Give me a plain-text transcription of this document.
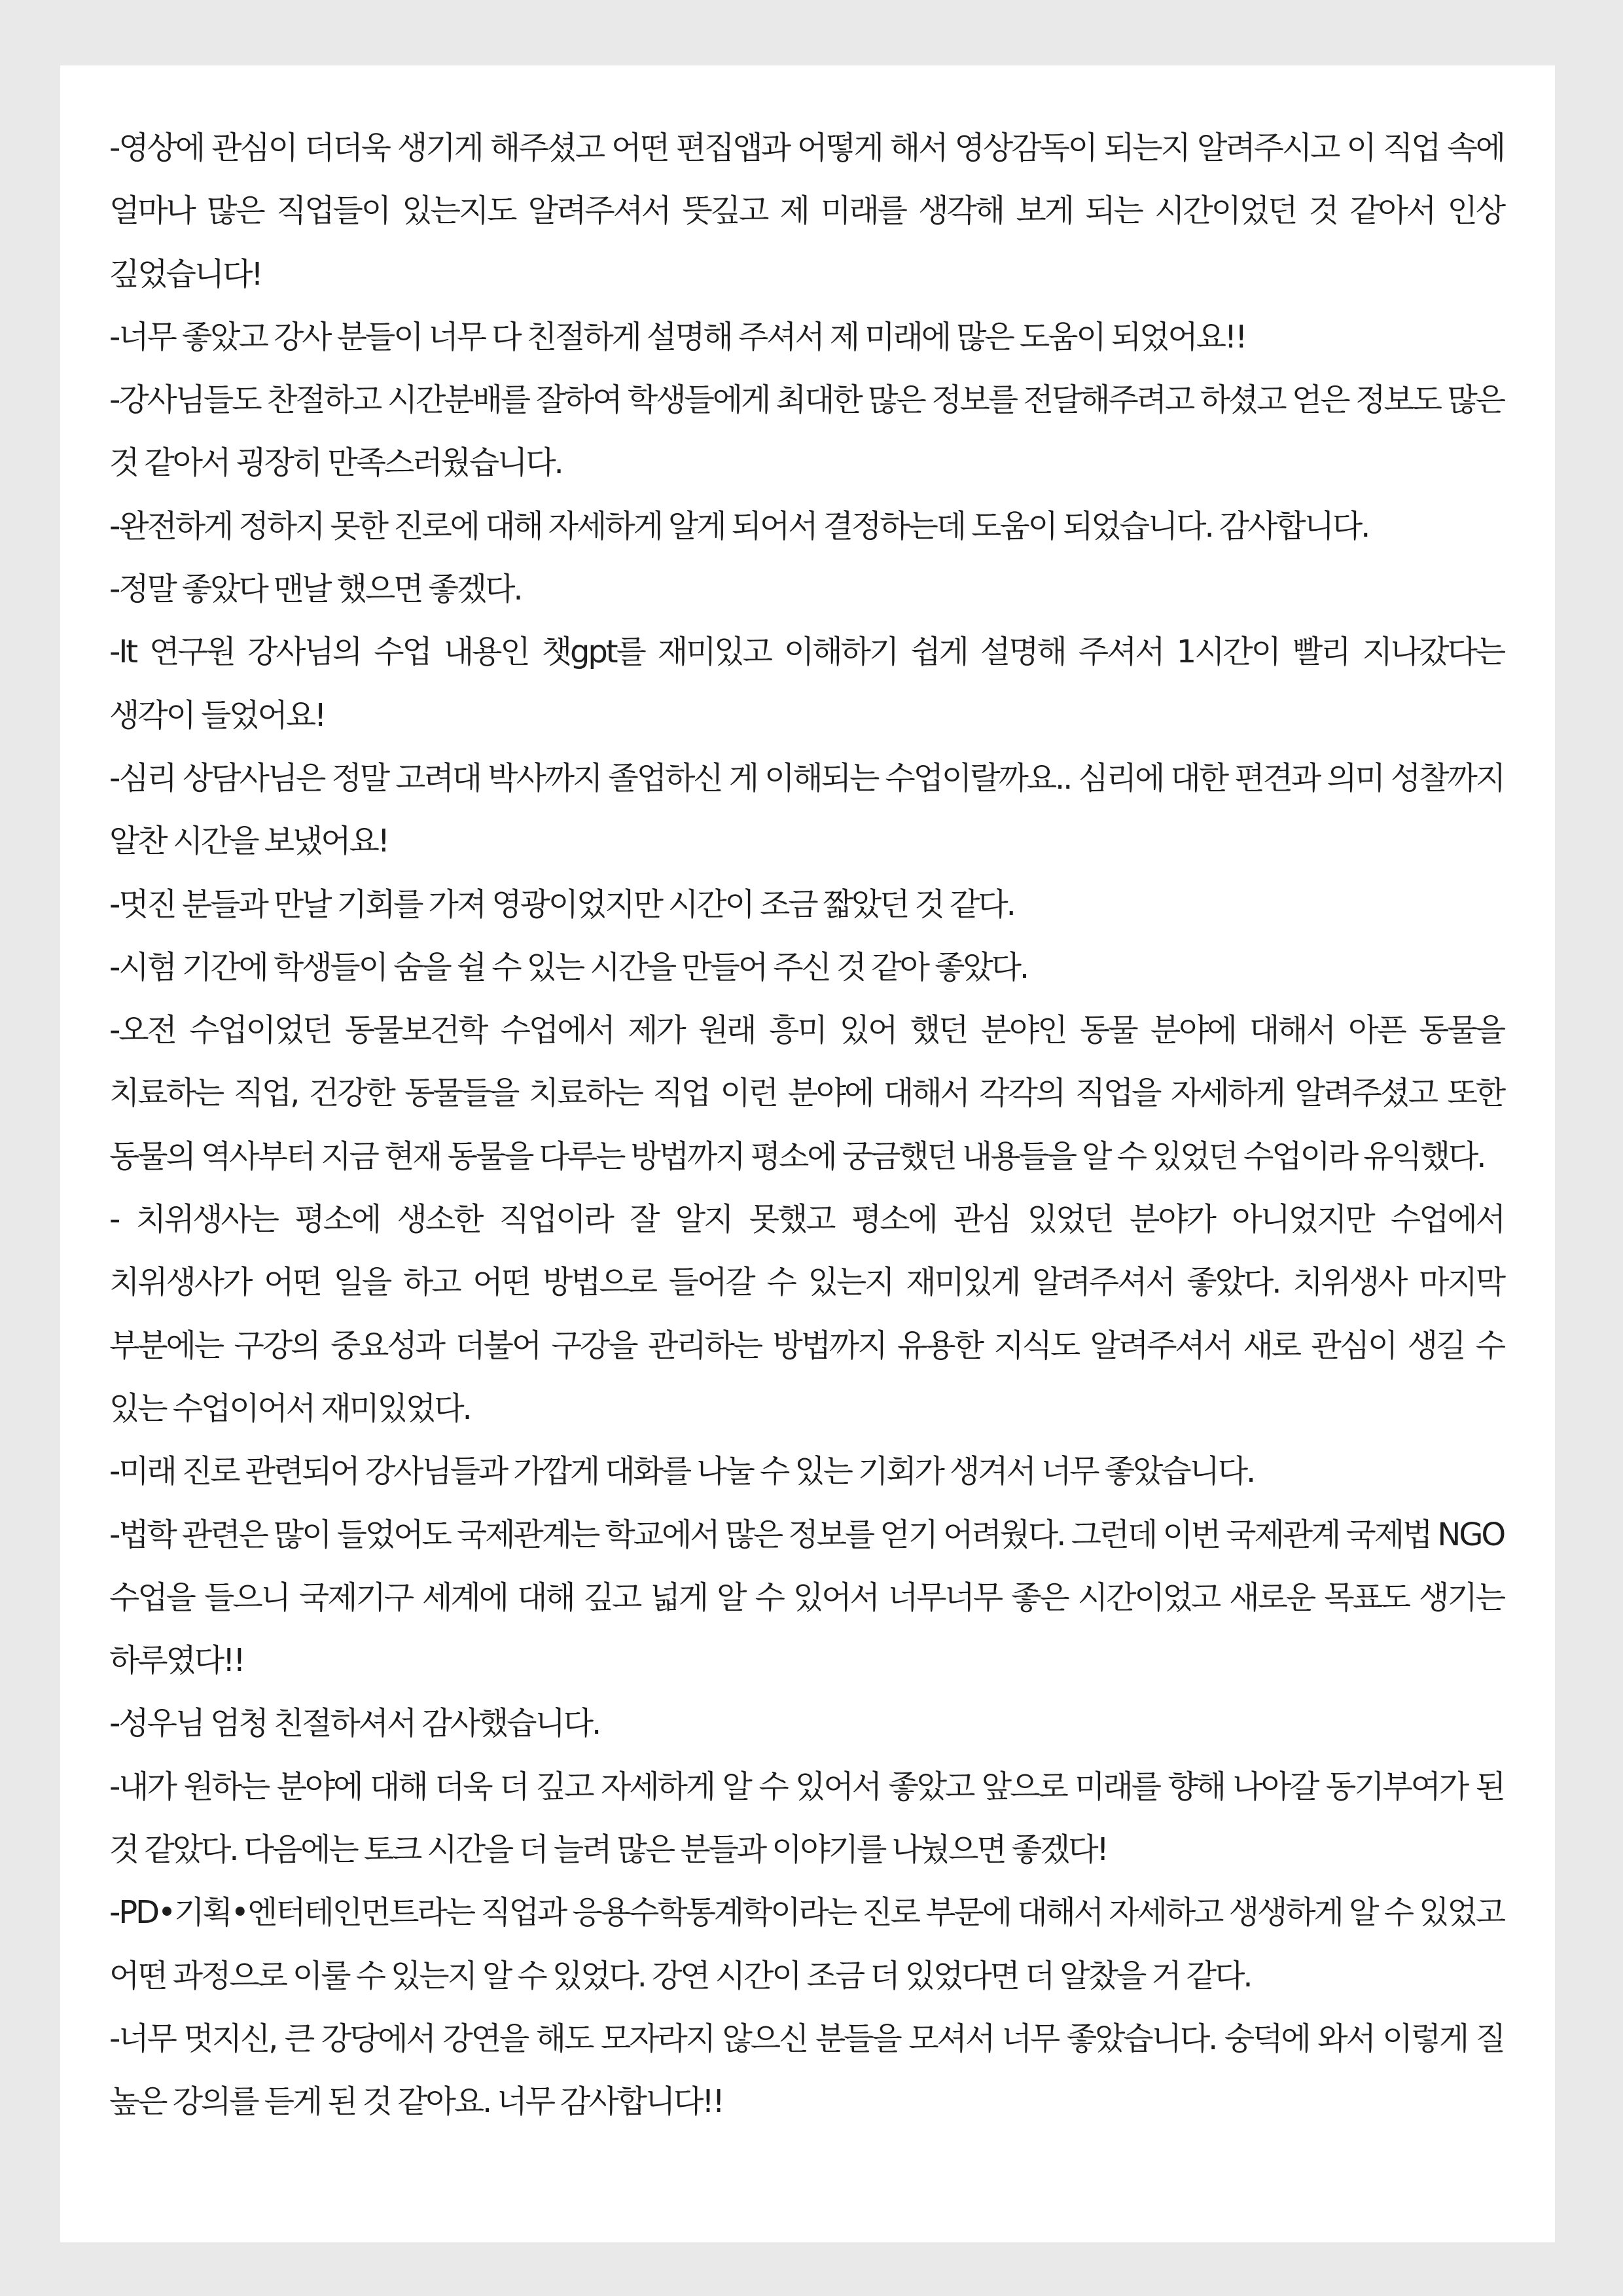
-영상에 관심이 더더욱 생기게 해주셨고 어떤 편집앱과 어떻게 해서 영상감독이 되는지 알려주시고 이 직업 속에 얼마나 많은 직업들이 있는지도 알려주셔서 뜻깊고 제 미래를 생각해 보게 되는 시간이었던 것 같아서 인상 깊었습니다!

-너무 좋았고 강사 분들이 너무 다 친절하게 설명해 주셔서 제 미래에 많은 도움이 되었어요!!

-강사님들도 찬절하고 시간분배를 잘하여 학생들에게 최대한 많은 정보를 전달해주려고 하셨고 얻은 정보도 많은 것 같아서 굉장히 만족스러웠습니다.

-완전하게 정하지 못한 진로에 대해 자세하게 알게 되어서 결정하는데 도움이 되었습니다. 감사합니다.

-정말 좋았다 맨날 했으면 좋겠다.

-It 연구원 강사님의 수업 내용인 챗gpt를 재미있고 이해하기 쉽게 설명해 주셔서 1시간이 빨리 지나갔다는 생각이 들었어요!

-심리 상담사님은 정말 고려대 박사까지 졸업하신 게 이해되는 수업이랄까요.. 심리에 대한 편견과 의미 성찰까지 알찬 시간을 보냈어요!

-멋진 분들과 만날 기회를 가져 영광이었지만 시간이 조금 짧았던 것 같다.

-시험 기간에 학생들이 숨을 쉴 수 있는 시간을 만들어 주신 것 같아 좋았다.

-오전 수업이었던 동물보건학 수업에서 제가 원래 흥미 있어 했던 분야인 동물 분야에 대해서 아픈 동물을 치료하는 직업, 건강한 동물들을 치료하는 직업 이런 분야에 대해서 각각의 직업을 자세하게 알려주셨고 또한 동물의 역사부터 지금 현재 동물을 다루는 방법까지 평소에 궁금했던 내용들을 알 수 있었던 수업이라 유익했다.

- 치위생사는 평소에 생소한 직업이라 잘 알지 못했고 평소에 관심 있었던 분야가 아니었지만 수업에서 치위생사가 어떤 일을 하고 어떤 방법으로 들어갈 수 있는지 재미있게 알려주셔서 좋았다. 치위생사 마지막 부분에는 구강의 중요성과 더불어 구강을 관리하는 방법까지 유용한 지식도 알려주셔서 새로 관심이 생길 수 있는 수업이어서 재미있었다.

-미래 진로 관련되어 강사님들과 가깝게 대화를 나눌 수 있는 기회가 생겨서 너무 좋았습니다.

-법학 관련은 많이 들었어도 국제관계는 학교에서 많은 정보를 얻기 어려웠다. 그런데 이번 국제관계 국제법 NGO 수업을 들으니 국제기구 세계에 대해 깊고 넓게 알 수 있어서 너무너무 좋은 시간이었고 새로운 목표도 생기는 하루였다!!

-성우님 엄청 친절하셔서 감사했습니다.

-내가 원하는 분야에 대해 더욱 더 깊고 자세하게 알 수 있어서 좋았고 앞으로 미래를 향해 나아갈 동기부여가 된 것 같았다. 다음에는 토크 시간을 더 늘려 많은 분들과 이야기를 나눴으면 좋겠다!

-PD•기획•엔터테인먼트라는 직업과 응용수학통계학이라는 진로 부문에 대해서 자세하고 생생하게 알 수 있었고 어떤 과정으로 이룰 수 있는지 알 수 있었다. 강연 시간이 조금 더 있었다면 더 알찼을 거 같다.

-너무 멋지신, 큰 강당에서 강연을 해도 모자라지 않으신 분들을 모셔서 너무 좋았습니다. 숭덕에 와서 이렇게 질 높은 강의를 듣게 된 것 같아요. 너무 감사합니다!!
